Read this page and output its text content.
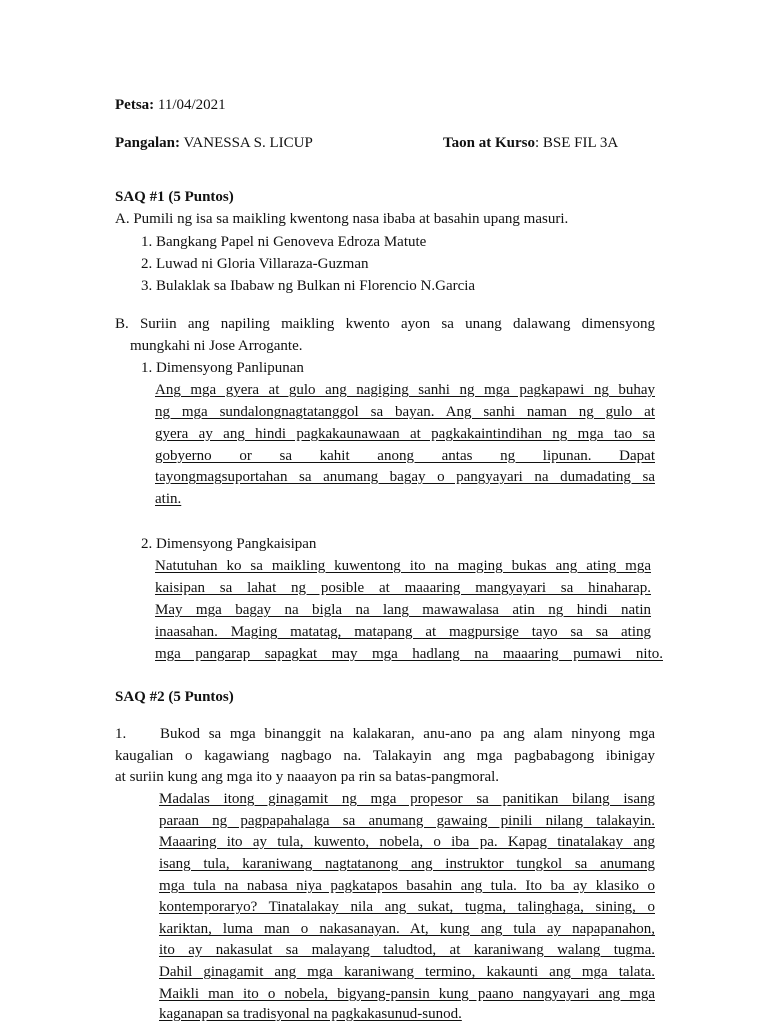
Petsa: 11/04/2021
Pangalan: VANESSA S. LICUP	Taon at Kurso: BSE FIL 3A
SAQ #1 (5 Puntos)
A. Pumili ng isa sa maikling kwentong nasa ibaba at basahin upang masuri.
1. Bangkang Papel ni Genoveva Edroza Matute
2. Luwad ni Gloria Villaraza-Guzman
3. Bulaklak sa Ibabaw ng Bulkan ni Florencio N.Garcia
B. Suriin ang napiling maikling kwento ayon sa unang dalawang dimensyong
mungkahi ni Jose Arrogante.
1. Dimensyong Panlipunan
Ang mga gyera at gulo ang nagiging sanhi ng mga pagkapawi ng buhay
ng mga sundalongnagtatanggol sa bayan. Ang sanhi naman ng gulo at
gyera ay ang hindi pagkakaunawaan at pagkakaintindihan ng mga tao sa
gobyerno or sa kahit anong antas ng lipunan. Dapat
tayongmagsuportahan sa anumang bagay o pangyayari na dumadating sa
atin.
2. Dimensyong Pangkaisipan
Natutuhan ko sa maikling kuwentong ito na maging bukas ang ating mga
kaisipan sa lahat ng posible at maaaring mangyayari sa hinaharap.
May mga bagay na bigla na lang mawawalasa atin ng hindi natin
inaasahan. Maging matatag, matapang at magpursige tayo sa sa ating
mga pangarap sapagkat may mga hadlang na maaaring pumawi nito.
SAQ #2 (5 Puntos)
1. Bukod sa mga binanggit na kalakaran, anu-ano pa ang alam ninyong mga
kaugalian o kagawiang nagbago na. Talakayin ang mga pagbabagong ibinigay
at suriin kung ang mga ito y naaayon pa rin sa batas-pangmoral.
Madalas itong ginagamit ng mga propesor sa panitikan bilang isang
paraan ng pagpapahalaga sa anumang gawaing pinili nilang talakayin.
Maaaring ito ay tula, kuwento, nobela, o iba pa. Kapag tinatalakay ang
isang tula, karaniwang nagtatanong ang instruktor tungkol sa anumang
mga tula na nabasa niya pagkatapos basahin ang tula. Ito ba ay klasiko o
kontemporaryo? Tinatalakay nila ang sukat, tugma, talinghaga, sining, o
kariktan, luma man o nakasanayan. At, kung ang tula ay napapanahon,
ito ay nakasulat sa malayang taludtod, at karaniwang walang tugma.
Dahil ginagamit ang mga karaniwang termino, kakaunti ang mga talata.
Maikli man ito o nobela, bigyang-pansin kung paano nangyayari ang mga
kaganapan sa tradisyonal na pagkakasunud-sunod.
